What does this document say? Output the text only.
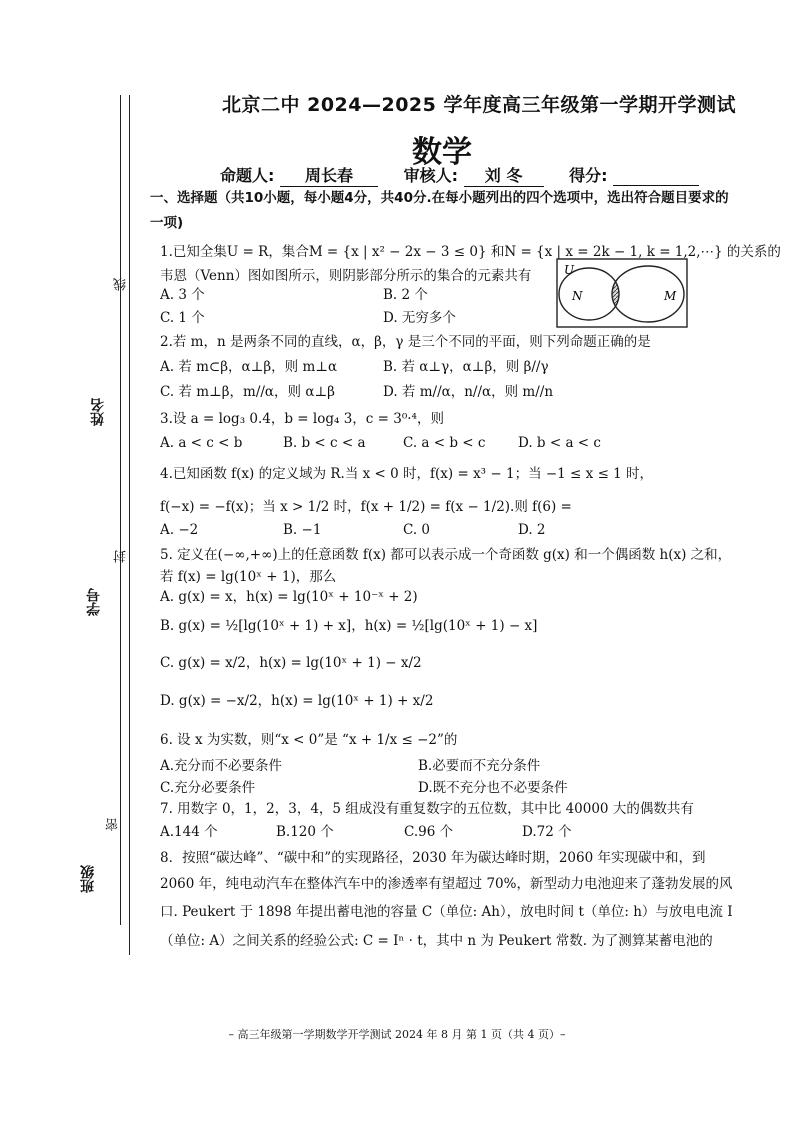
线
姓名
封
学号
密
班级
北京二中 2024—2025 学年度高三年级第一学期开学测试
数学
命题人: 周长春	审核人: 刘 冬	得分:
一、选择题（共10小题，每小题4分，共40分.在每小题列出的四个选项中，选出符合题目要求的
一项)
1.已知全集U = R，集合M = {x | x² − 2x − 3 ≤ 0} 和N = {x | x = 2k − 1, k = 1,2,⋯} 的关系的
韦恩（Venn）图如图所示，则阴影部分所示的集合的元素共有
A. 3 个	B. 2 个
C. 1 个	D. 无穷多个
U
N	M
2.若 m，n 是两条不同的直线，α，β，γ 是三个不同的平面，则下列命题正确的是
A. 若 m⊂β，α⊥β，则 m⊥α	B. 若 α⊥γ，α⊥β，则 β//γ
C. 若 m⊥β，m//α，则 α⊥β	D. 若 m//α，n//α，则 m//n
3.设 a = log₃ 0.4，b = log₄ 3，c = 3⁰·⁴，则
A. a < c < b	B. b < c < a	C. a < b < c D. b < a < c
4.已知函数 f(x) 的定义域为 R.当 x < 0 时，f(x) = x³ − 1；当 −1 ≤ x ≤ 1 时，
f(−x) = −f(x)；当 x > 1/2 时，f(x + 1/2) = f(x − 1/2).则 f(6) =
A. −2	B. −1	C. 0	D. 2
5. 定义在(−∞,+∞)上的任意函数 f(x) 都可以表示成一个奇函数 g(x) 和一个偶函数 h(x) 之和，
若 f(x) = lg(10ˣ + 1)，那么
A. g(x) = x，h(x) = lg(10ˣ + 10⁻ˣ + 2)
B. g(x) = ½[lg(10ˣ + 1) + x]，h(x) = ½[lg(10ˣ + 1) − x]
C. g(x) = x/2，h(x) = lg(10ˣ + 1) − x/2
D. g(x) = −x/2，h(x) = lg(10ˣ + 1) + x/2
6. 设 x 为实数，则“x < 0”是 “x + 1/x ≤ −2”的
A.充分而不必要条件	B.必要而不充分条件
C.充分必要条件	D.既不充分也不必要条件
7. 用数字 0，1，2，3，4，5 组成没有重复数字的五位数，其中比 40000 大的偶数共有
A.144 个	B.120 个	C.96 个	D.72 个
8．按照“碳达峰”、“碳中和”的实现路径，2030 年为碳达峰时期，2060 年实现碳中和，到
2060 年，纯电动汽车在整体汽车中的渗透率有望超过 70%，新型动力电池迎来了蓬勃发展的风
口. Peukert 于 1898 年提出蓄电池的容量 C（单位: Ah），放电时间 t（单位: h）与放电电流 I
（单位: A）之间关系的经验公式: C = Iⁿ · t，其中 n 为 Peukert 常数. 为了测算某蓄电池的
– 高三年级第一学期数学开学测试 2024 年 8 月 第 1 页（共 4 页）–
